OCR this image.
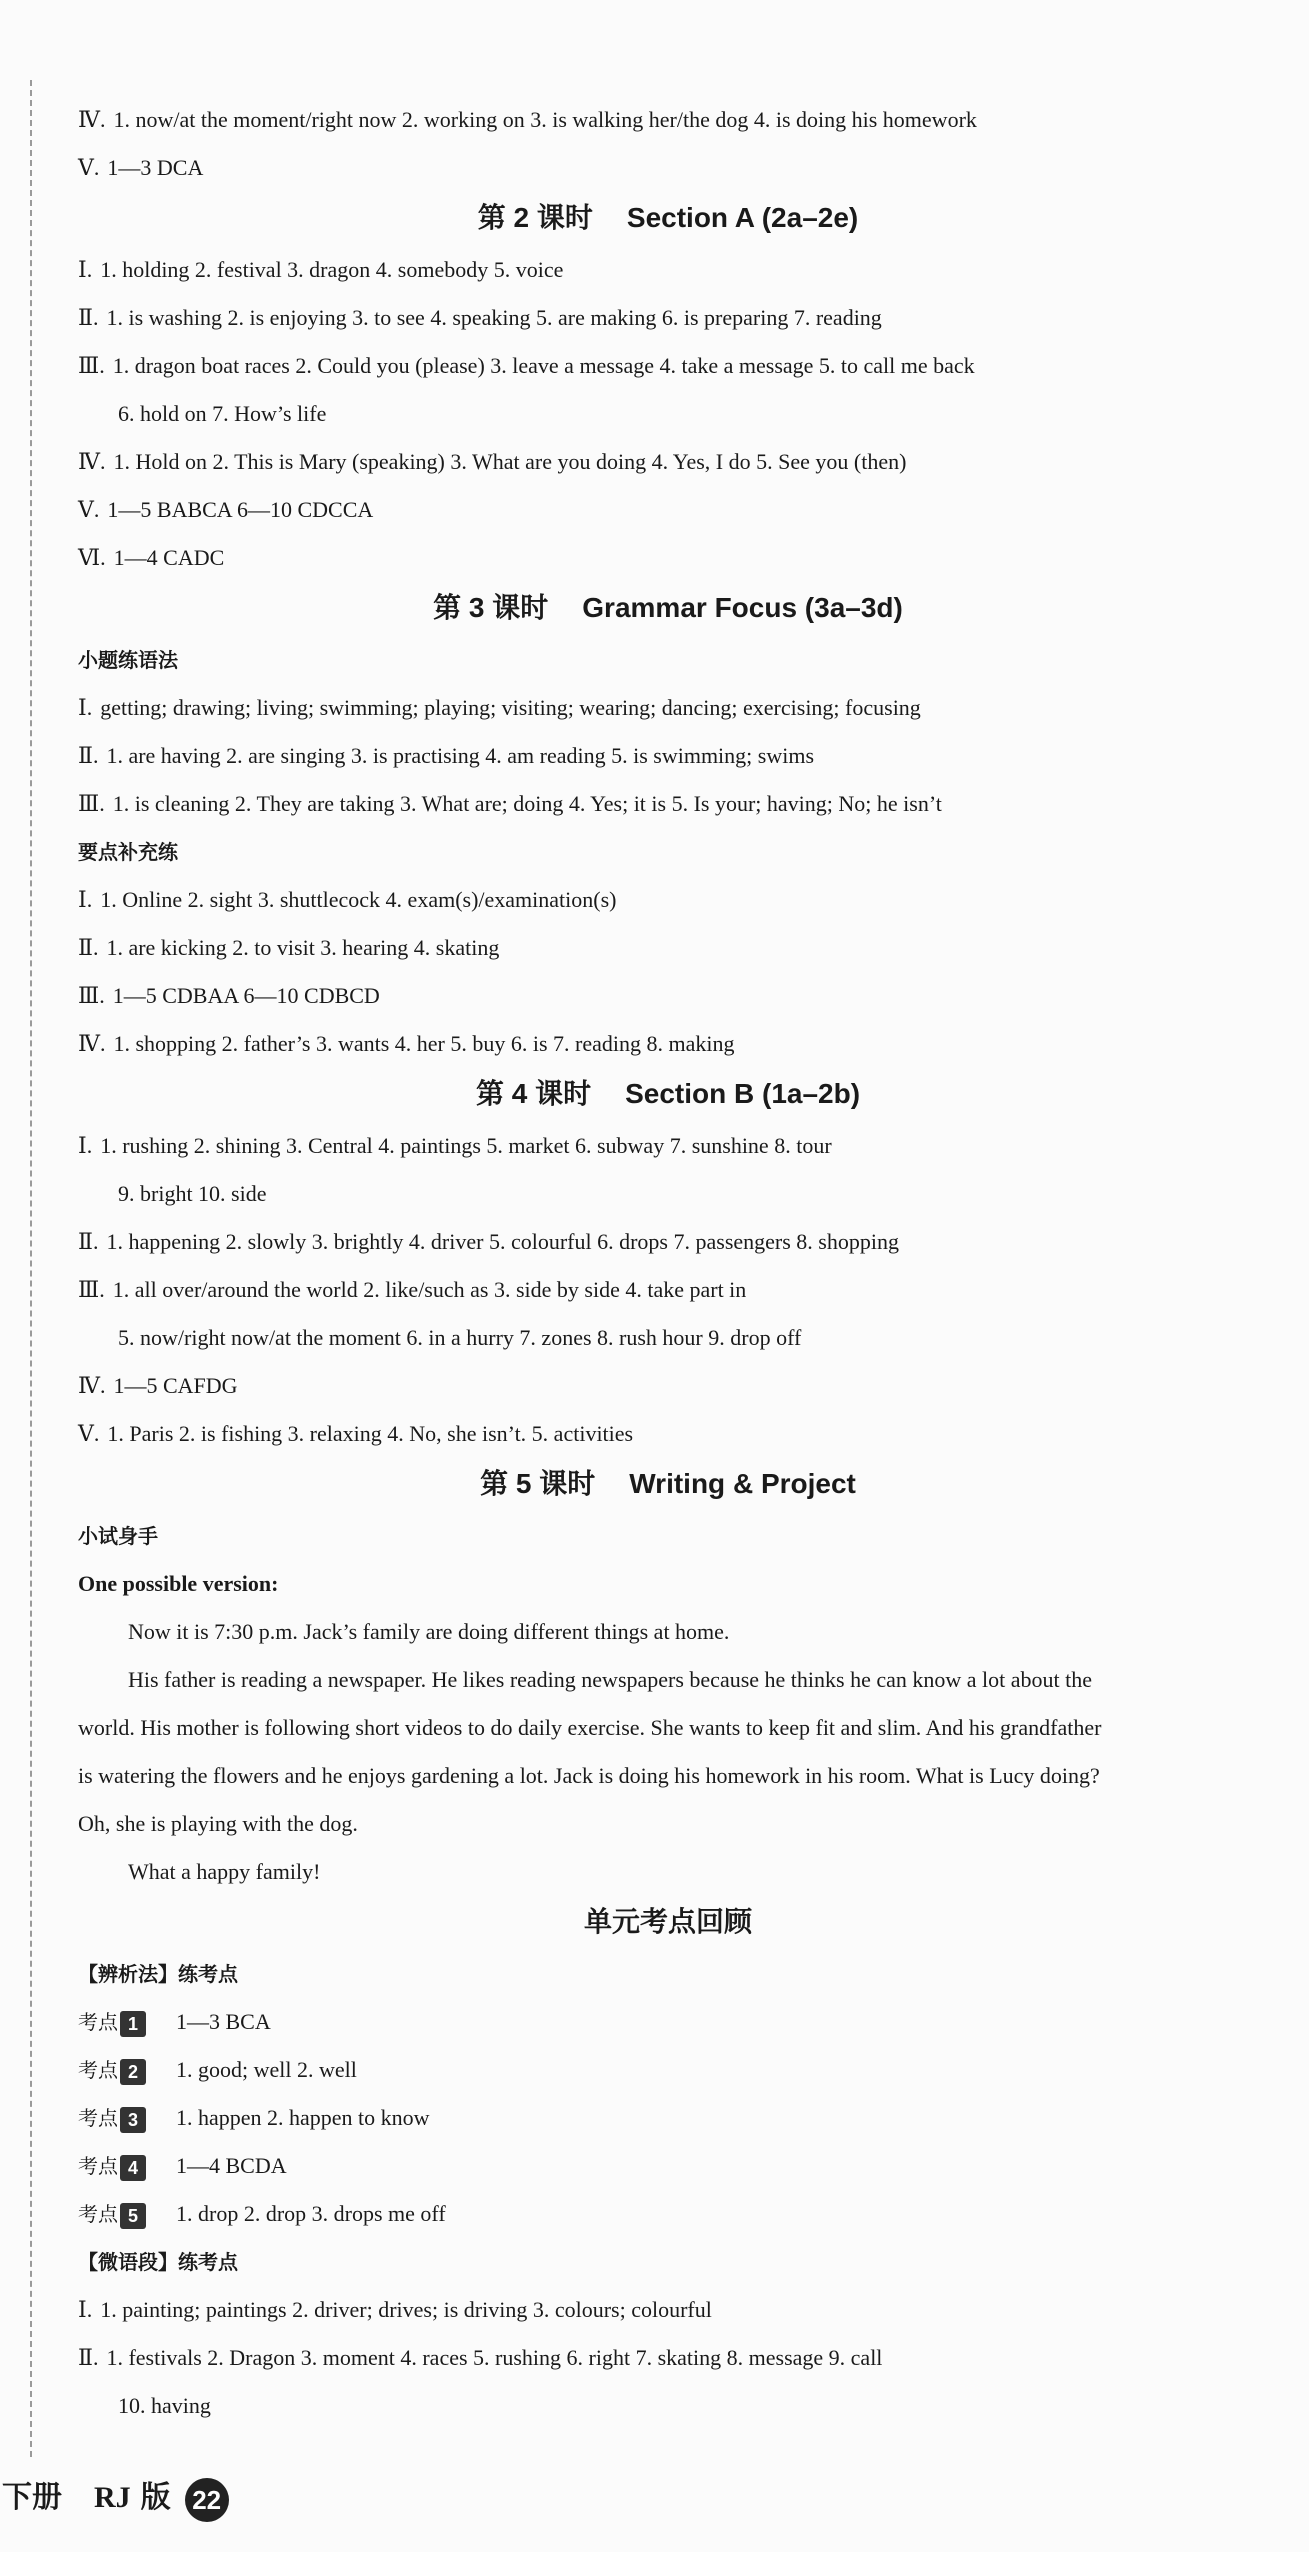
Ⅳ. 1. now/at the moment/right now 2. working on 3. is walking her/the dog 4. is doing his homework
Ⅴ. 1—3 DCA
第 2 课时 Section A (2a–2e)
Ⅰ. 1. holding 2. festival 3. dragon 4. somebody 5. voice
Ⅱ. 1. is washing 2. is enjoying 3. to see 4. speaking 5. are making 6. is preparing 7. reading
Ⅲ. 1. dragon boat races 2. Could you (please) 3. leave a message 4. take a message 5. to call me back
6. hold on 7. How’s life
Ⅳ. 1. Hold on 2. This is Mary (speaking) 3. What are you doing 4. Yes, I do 5. See you (then)
Ⅴ. 1—5 BABCA 6—10 CDCCA
Ⅵ. 1—4 CADC
第 3 课时 Grammar Focus (3a–3d)
小题练语法
Ⅰ. getting; drawing; living; swimming; playing; visiting; wearing; dancing; exercising; focusing
Ⅱ. 1. are having 2. are singing 3. is practising 4. am reading 5. is swimming; swims
Ⅲ. 1. is cleaning 2. They are taking 3. What are; doing 4. Yes; it is 5. Is your; having; No; he isn’t
要点补充练
Ⅰ. 1. Online 2. sight 3. shuttlecock 4. exam(s)/examination(s)
Ⅱ. 1. are kicking 2. to visit 3. hearing 4. skating
Ⅲ. 1—5 CDBAA 6—10 CDBCD
Ⅳ. 1. shopping 2. father’s 3. wants 4. her 5. buy 6. is 7. reading 8. making
第 4 课时 Section B (1a–2b)
Ⅰ. 1. rushing 2. shining 3. Central 4. paintings 5. market 6. subway 7. sunshine 8. tour
9. bright 10. side
Ⅱ. 1. happening 2. slowly 3. brightly 4. driver 5. colourful 6. drops 7. passengers 8. shopping
Ⅲ. 1. all over/around the world 2. like/such as 3. side by side 4. take part in
5. now/right now/at the moment 6. in a hurry 7. zones 8. rush hour 9. drop off
Ⅳ. 1—5 CAFDG
Ⅴ. 1. Paris 2. is fishing 3. relaxing 4. No, she isn’t. 5. activities
第 5 课时 Writing & Project
小试身手
One possible version:
Now it is 7:30 p.m. Jack’s family are doing different things at home.
His father is reading a newspaper. He likes reading newspapers because he thinks he can know a lot about the
world. His mother is following short videos to do daily exercise. She wants to keep fit and slim. And his grandfather
is watering the flowers and he enjoys gardening a lot. Jack is doing his homework in his room. What is Lucy doing?
Oh, she is playing with the dog.
What a happy family!
单元考点回顾
【辨析法】练考点
考点 1 1—3 BCA
考点 2 1. good; well 2. well
考点 3 1. happen 2. happen to know
考点 4 1—4 BCDA
考点 5 1. drop 2. drop 3. drops me off
【微语段】练考点
Ⅰ. 1. painting; paintings 2. driver; drives; is driving 3. colours; colourful
Ⅱ. 1. festivals 2. Dragon 3. moment 4. races 5. rushing 6. right 7. skating 8. message 9. call
10. having
下册 RJ 版 22
